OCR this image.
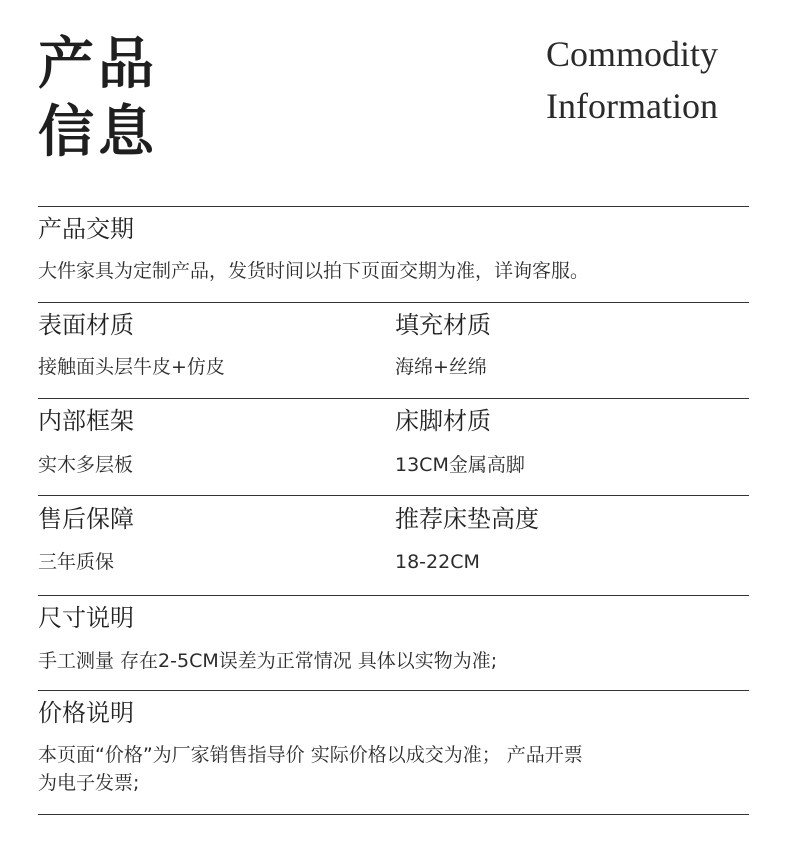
产品
信息
Commodity
Information
产品交期
大件家具为定制产品，发货时间以拍下页面交期为准，详询客服。
表面材质	填充材质
接触面头层牛皮+仿皮	海绵+丝绵
内部框架	床脚材质
实木多层板	13CM金属高脚
售后保障	推荐床垫高度
三年质保	18-22CM
尺寸说明
手工测量 存在2-5CM误差为正常情况 具体以实物为准;
价格说明
本页面“价格”为厂家销售指导价 实际价格以成交为准； 产品开票
为电子发票;
